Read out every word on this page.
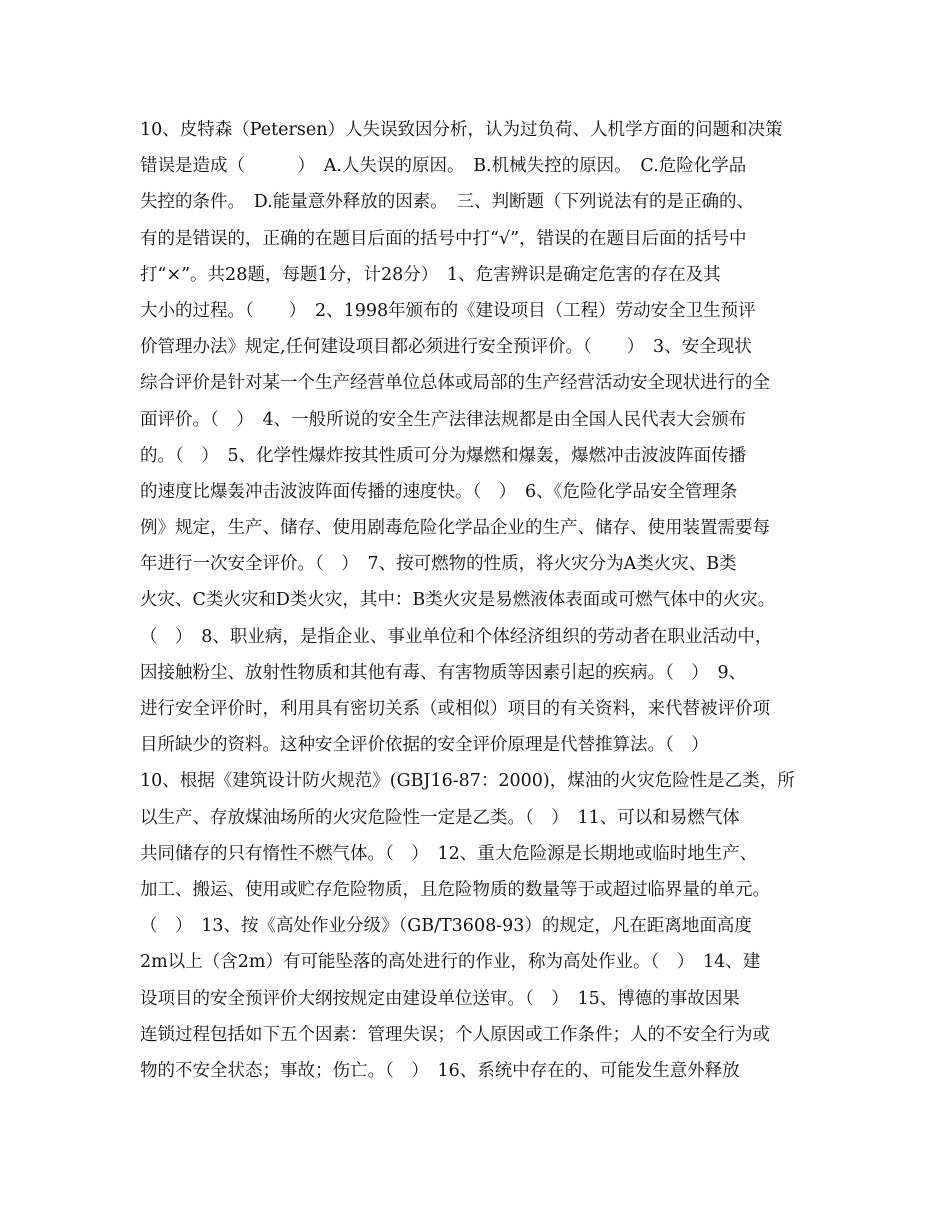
10、皮特森（Petersen）人失误致因分析，认为过负荷、人机学方面的问题和决策
错误是造成（　　　）　A.人失误的原因。　B.机械失控的原因。　C.危险化学品
失控的条件。　D.能量意外释放的因素。　三、判断题（下列说法有的是正确的、
有的是错误的，正确的在题目后面的括号中打“√”，错误的在题目后面的括号中
打“×”。共28题，每题1分，计28分）　1、危害辨识是确定危害的存在及其
大小的过程。（　　）　2、1998年颁布的《建设项目（工程）劳动安全卫生预评
价管理办法》规定,任何建设项目都必须进行安全预评价。（　　）　3、安全现状
综合评价是针对某一个生产经营单位总体或局部的生产经营活动安全现状进行的全
面评价。（　）　4、一般所说的安全生产法律法规都是由全国人民代表大会颁布
的。（　）　5、化学性爆炸按其性质可分为爆燃和爆轰，爆燃冲击波波阵面传播
的速度比爆轰冲击波波阵面传播的速度快。（　）　6、《危险化学品安全管理条
例》规定，生产、储存、使用剧毒危险化学品企业的生产、储存、使用装置需要每
年进行一次安全评价。（　）　7、按可燃物的性质，将火灾分为A类火灾、B类
火灾、C类火灾和D类火灾，其中：B类火灾是易燃液体表面或可燃气体中的火灾。
（　）　8、职业病，是指企业、事业单位和个体经济组织的劳动者在职业活动中，
因接触粉尘、放射性物质和其他有毒、有害物质等因素引起的疾病。（　）　9、
进行安全评价时，利用具有密切关系（或相似）项目的有关资料，来代替被评价项
目所缺少的资料。这种安全评价依据的安全评价原理是代替推算法。（　）
10、根据《建筑设计防火规范》(GBJ16-87：2000)，煤油的火灾危险性是乙类，所
以生产、存放煤油场所的火灾危险性一定是乙类。（　）　11、可以和易燃气体
共同储存的只有惰性不燃气体。（　）　12、重大危险源是长期地或临时地生产、
加工、搬运、使用或贮存危险物质，且危险物质的数量等于或超过临界量的单元。
（　）　13、按《高处作业分级》（GB/T3608-93）的规定，凡在距离地面高度
2m以上（含2m）有可能坠落的高处进行的作业，称为高处作业。（　）　14、建
设项目的安全预评价大纲按规定由建设单位送审。（　）　15、博德的事故因果
连锁过程包括如下五个因素：管理失误；个人原因或工作条件；人的不安全行为或
物的不安全状态；事故；伤亡。（　）　16、系统中存在的、可能发生意外释放
